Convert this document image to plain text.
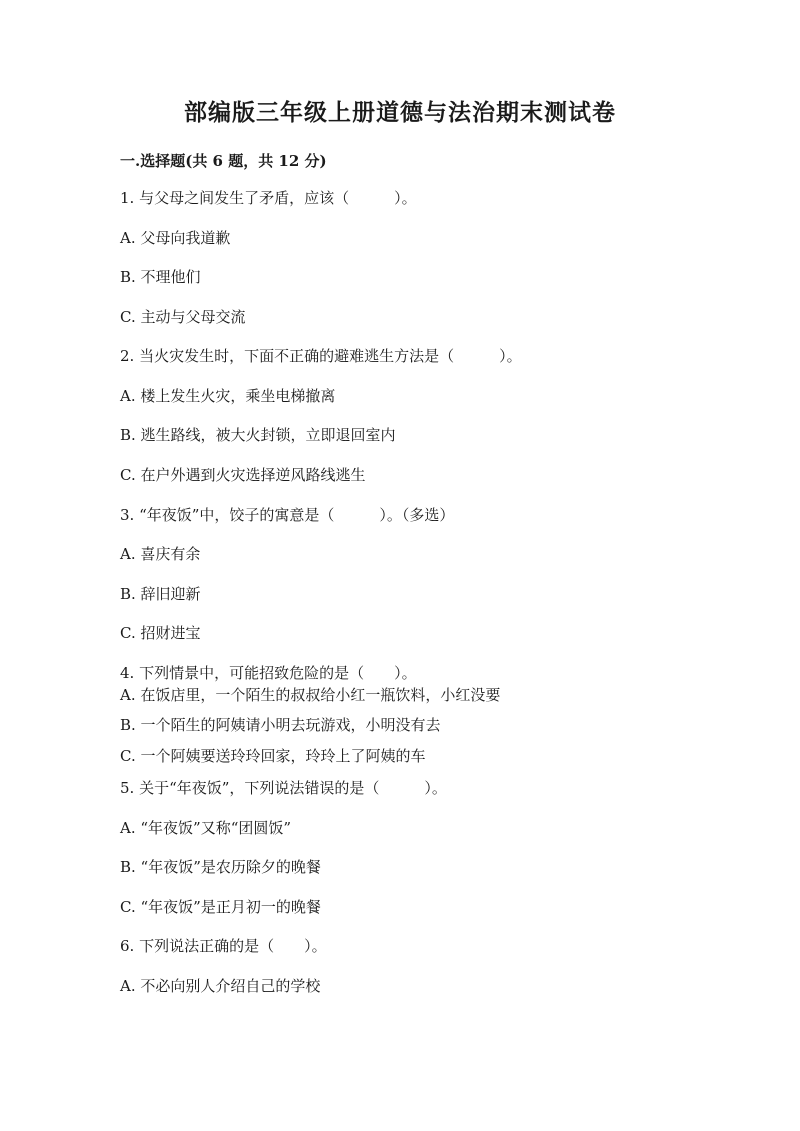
部编版三年级上册道德与法治期末测试卷
一.选择题(共 6 题，共 12 分)

1. 与父母之间发生了矛盾，应该（　　　）。

A. 父母向我道歉

B. 不理他们

C. 主动与父母交流

2. 当火灾发生时，下面不正确的避难逃生方法是（　　　）。

A. 楼上发生火灾，乘坐电梯撤离

B. 逃生路线，被大火封锁，立即退回室内

C. 在户外遇到火灾选择逆风路线逃生

3. “年夜饭”中，饺子的寓意是（　　　）。（多选）

A. 喜庆有余

B. 辞旧迎新

C. 招财进宝

4. 下列情景中，可能招致危险的是（　　）。

A. 在饭店里，一个陌生的叔叔给小红一瓶饮料，小红没要

B. 一个陌生的阿姨请小明去玩游戏，小明没有去

C. 一个阿姨要送玲玲回家，玲玲上了阿姨的车

5. 关于“年夜饭”，下列说法错误的是（　　　）。

A. “年夜饭”又称“团圆饭”

B. “年夜饭”是农历除夕的晚餐

C. “年夜饭”是正月初一的晚餐

6. 下列说法正确的是（　　）。

A. 不必向别人介绍自己的学校
